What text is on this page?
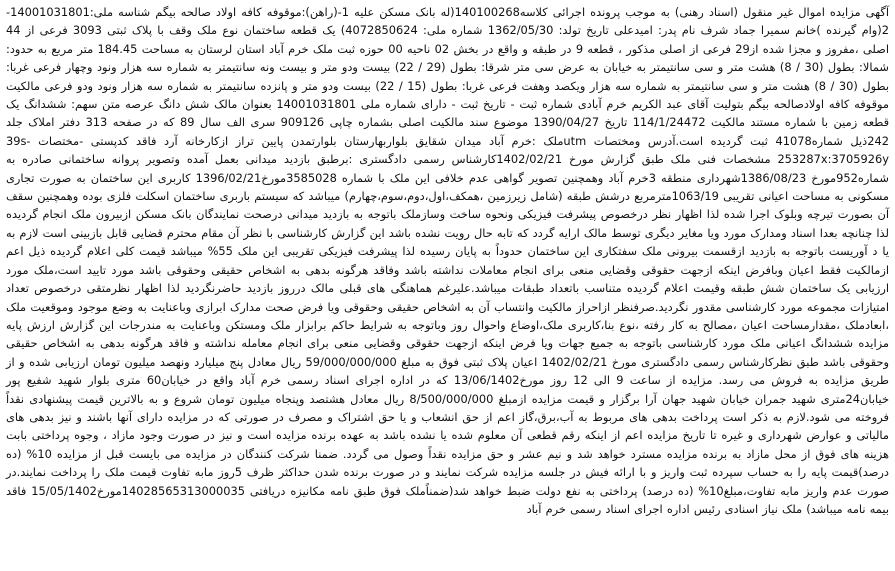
آگهی مزایده اموال غیر منقول (اسناد رهنی) به موجب پرونده اجرائی کلاسه140100268(له بانک مسکن علیه 1-(راهن):موقوفه کافه اولاد صالحه بیگم شناسه ملی:14001031801-2(وام گیرنده )خانم سمیرا جماد شرف نام پدر: امیدعلی تاریخ تولد: 1362/05/30 شماره ملی: 4072850624) یک قطعه ساختمان نوع ملک وقف با پلاک ثبتی 3093 فرعی از 44 اصلی ،مفروز و مجزا شده از29 فرعی از اصلی مذکور ، قطعه 9 در طبقه و واقع در بخش 02 ناحیه 00 حوزه ثبت ملک خرم آباد استان لرستان به مساحت 184.45 متر مربع به حدود: شمالا: بطول (30 / 8) هشت متر و سی سانتیمتر به خیابان به عرض سی متر شرقا: بطول (29 / 22) بیست ودو متر و بیست ونه سانتیمتر به شماره سه هزار ونود وچهار فرعی غربا: بطول (30 / 8) هشت متر و سی سانتیمتر به شماره سه هزار ویکصد وهفت فرعی غربا: بطول (15 / 22) بیست ودو متر و پانزده سانتیمتر به شماره سه هزار ونود ودو فرعی مالکیت موقوفه کافه اولادصالحه بیگم بتولیت آقای عبد الکریم خرم آبادی شماره ثبت - تاریخ ثبت - دارای شماره ملی 14001031801 بعنوان مالک شش دانگ عرصه متن سهم: ششدانگ یک قطعه زمین با شماره مستند مالکیت 114/1/24472 تاریخ 1390/04/27 موضوع سند مالکیت اصلی بشماره چاپی 909126 سری الف سال 89 که در صفحه 313 دفتر املاک جلد 242ذیل شماره41078 ثبت گردیده است.آدرس ومختصات utmملک :خرم آباد میدان شقایق بلواربهارستان بلوارتمدن پایین تراز ازکارخانه آرد فاقد کدپستی -مختصات 39s- 253287x:3705926y مشخصات فنی ملک طبق گزارش مورخ 1402/02/21کارشناس رسمی دادگستری :برطبق بازدید میدانی بعمل آمده وتصویر پروانه ساختمانی صادره به شماره952مورخ 1386/08/23شهرداری منطقه 3خرم آباد وهمچنین تصویر گواهی عدم خلافی این ملک با شماره 3585028مورخ1396/02/21 کاربری این ساختمان به صورت تجاری مسکونی به مساحت اعیانی تقریبی 1063/19مترمربع درشش طبقه (شامل زیرزمین ،همکف،اول،دوم،سوم،چهارم) میباشد که سیستم باربری ساختمان اسکلت فلزی بوده وهمچنین سقف آن بصورت تیرچه وبلوک اجرا شده لذا اظهار نظر درخصوص پیشرفت فیزیکی ونحوه ساخت وسازملک باتوجه به بازدید میدانی درصحت نمایندگان بانک مسکن ازبیرون ملک انجام گردیده لذا چنانچه بعدا اسناد ومدارک مورد ویا مغایر دیگری توسط مالک ارایه گردد که تابه حال رویت نشده باشد این گزارش کارشناسی با نظر آن مقام محترم قضایی قابل بازبینی است لازم به یا د آوریست باتوجه به بازدید ازقسمت بیرونی ملک سفتکاری این ساختمان حدوداً به پایان رسیده لذا پیشرفت فیزیکی تقریبی این ملک 55% میباشد قیمت کلی اعلام گردیده ذیل اعم ازمالکیت فقط اعیان وبافرض اینکه ازجهت حقوقی وقضایی منعی برای انجام معاملات نداشته باشد وفاقد هرگونه بدهی به اشخاص حقیقی وحقوقی باشد مورد تایید است،ملک مورد ارزیابی یک ساختمان شش طبقه وقیمت اعلام گردیده متناسب باتعداد طبقات میباشد.علیرغم هماهنگی های قبلی مالک درروز بازدید حاضرنگردید لذا اظهار نظرمتقی درخصوص تعداد امتیازات مجموعه مورد کارشناسی مقدور نگردید.صرفنظر ازاحراز مالکیت وانتساب آن به اشخاص حقیقی وحقوقی ویا فرض صحت مدارک ابرازی وباعنایت به وضع موجود وموقعیت ملک ،ابعادملک ،مقدارمساحت اعیان ،مصالح به کار رفته ،نوع بنا،کاربری ملک،اوضاع واحوال روز وباتوجه به شرایط حاکم برابزار ملک ومستکن وباعنایت به مندرجات این گزارش ارزش پایه مزایده ششدانگ اعیانی ملک مورد کارشناسی باتوجه به جمیع جهات ویا فرض اینکه ازجهت حقوقی وقضایی منعی برای انجام معامله نداشته و فاقد هرگونه بدهی به اشخاص حقیقی وحقوقی باشد طبق نظرکارشناس رسمی دادگستری مورخ 1402/02/21 اعیان پلاک ثبتی فوق به مبلغ 59/000/000/000 ریال معادل پنج میلیارد ونهصد میلیون تومان ارزیابی شده و از طریق مزایده به فروش می رسد. مزایده از ساعت 9 الی 12 روز مورخ13/06/1402 که در اداره اجرای اسناد رسمی خرم آباد واقع در خیابان60 متری بلوار شهید شفیع پور خیابان24متری شهید جمران خیابان شهید جهان آرا برگزار و قیمت مزایده ازمبلغ 8/500/000/000 ریال معادل هشتصد وپنجاه میلیون تومان شروع و به بالاترین قیمت پیشنهادی نقداً فروخته می شود.لازم به ذکر است پرداخت بدهی های مربوط به آب،برق،گاز اعم از حق انشعاب و یا حق اشتراک و مصرف در صورتی که در مزایده دارای آنها باشند و نیز بدهی های مالیاتی و عوارض شهرداری و غیره تا تاریخ مزایده اعم از اینکه رقم قطعی آن معلوم شده یا نشده باشد به عهده برنده مزایده است و نیز در صورت وجود مازاد ، وجوه پرداختی بابت هزینه های فوق از محل مازاد به برنده مزایده مسترد خواهد شد و نیم عشر و حق مزایده نقداً وصول می گردد. ضمنا شرکت کنندگان در مزایده می بایست قبل از مزایده 10% (ده درصد)قیمت پایه را به حساب سپرده ثبت واریز و با ارائه فیش در جلسه مزایده شرکت نمایند و در صورت برنده شدن حداکثر ظرف 5روز مابه تفاوت قیمت ملک را پرداخت نمایند.در صورت عدم واریز مابه تفاوت،مبلغ10% (ده درصد) پرداختی به نفع دولت ضبط خواهد شد(ضمناًملک فوق طبق نامه مکانیزه دریافتی 14028565313000035مورخ15/05/1402 فاقد بیمه نامه میباشد) ملک نیاز اسنادی رئیس اداره اجرای اسناد رسمی خرم آباد
